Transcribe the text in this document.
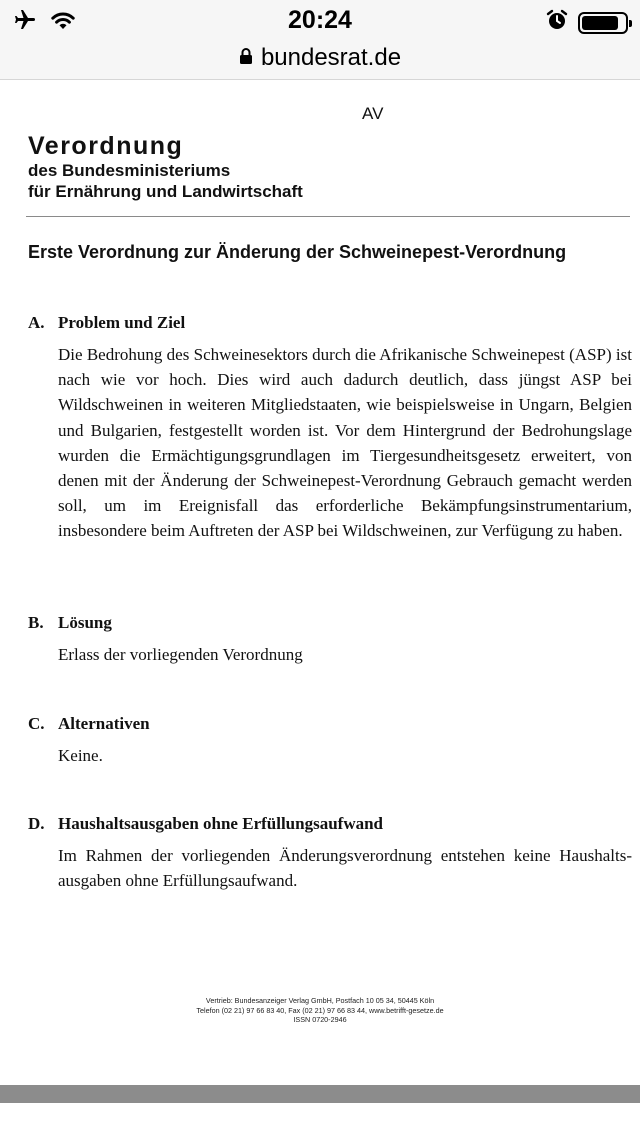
20:24
bundesrat.de
AV
Verordnung
des Bundesministeriums
für Ernährung und Landwirtschaft
Erste Verordnung zur Änderung der Schweinepest-Verordnung
A. Problem und Ziel
Die Bedrohung des Schweinesektors durch die Afrikanische Schweinepest (ASP) ist nach wie vor hoch. Dies wird auch dadurch deutlich, dass jüngst ASP bei Wildschweinen in weiteren Mitgliedstaaten, wie beispielsweise in Ungarn, Belgien und Bulgarien, festgestellt worden ist. Vor dem Hintergrund der Bedrohungslage wurden die Ermächtigungsgrundlagen im Tiergesundheitsgesetz erweitert, von denen mit der Änderung der Schweinepest-Verordnung Gebrauch gemacht werden soll, um im Ereignisfall das erforderliche Bekämpfungsinstrumentarium, insbesondere beim Auftreten der ASP bei Wildschweinen, zur Verfügung zu haben.
B. Lösung
Erlass der vorliegenden Verordnung
C. Alternativen
Keine.
D. Haushaltsausgaben ohne Erfüllungsaufwand
Im Rahmen der vorliegenden Änderungsverordnung entstehen keine Haushaltsausgaben ohne Erfüllungsaufwand.
Vertrieb: Bundesanzeiger Verlag GmbH, Postfach 10 05 34, 50445 Köln
Telefon (02 21) 97 66 83 40, Fax (02 21) 97 66 83 44, www.betrifft-gesetze.de
ISSN 0720-2946
